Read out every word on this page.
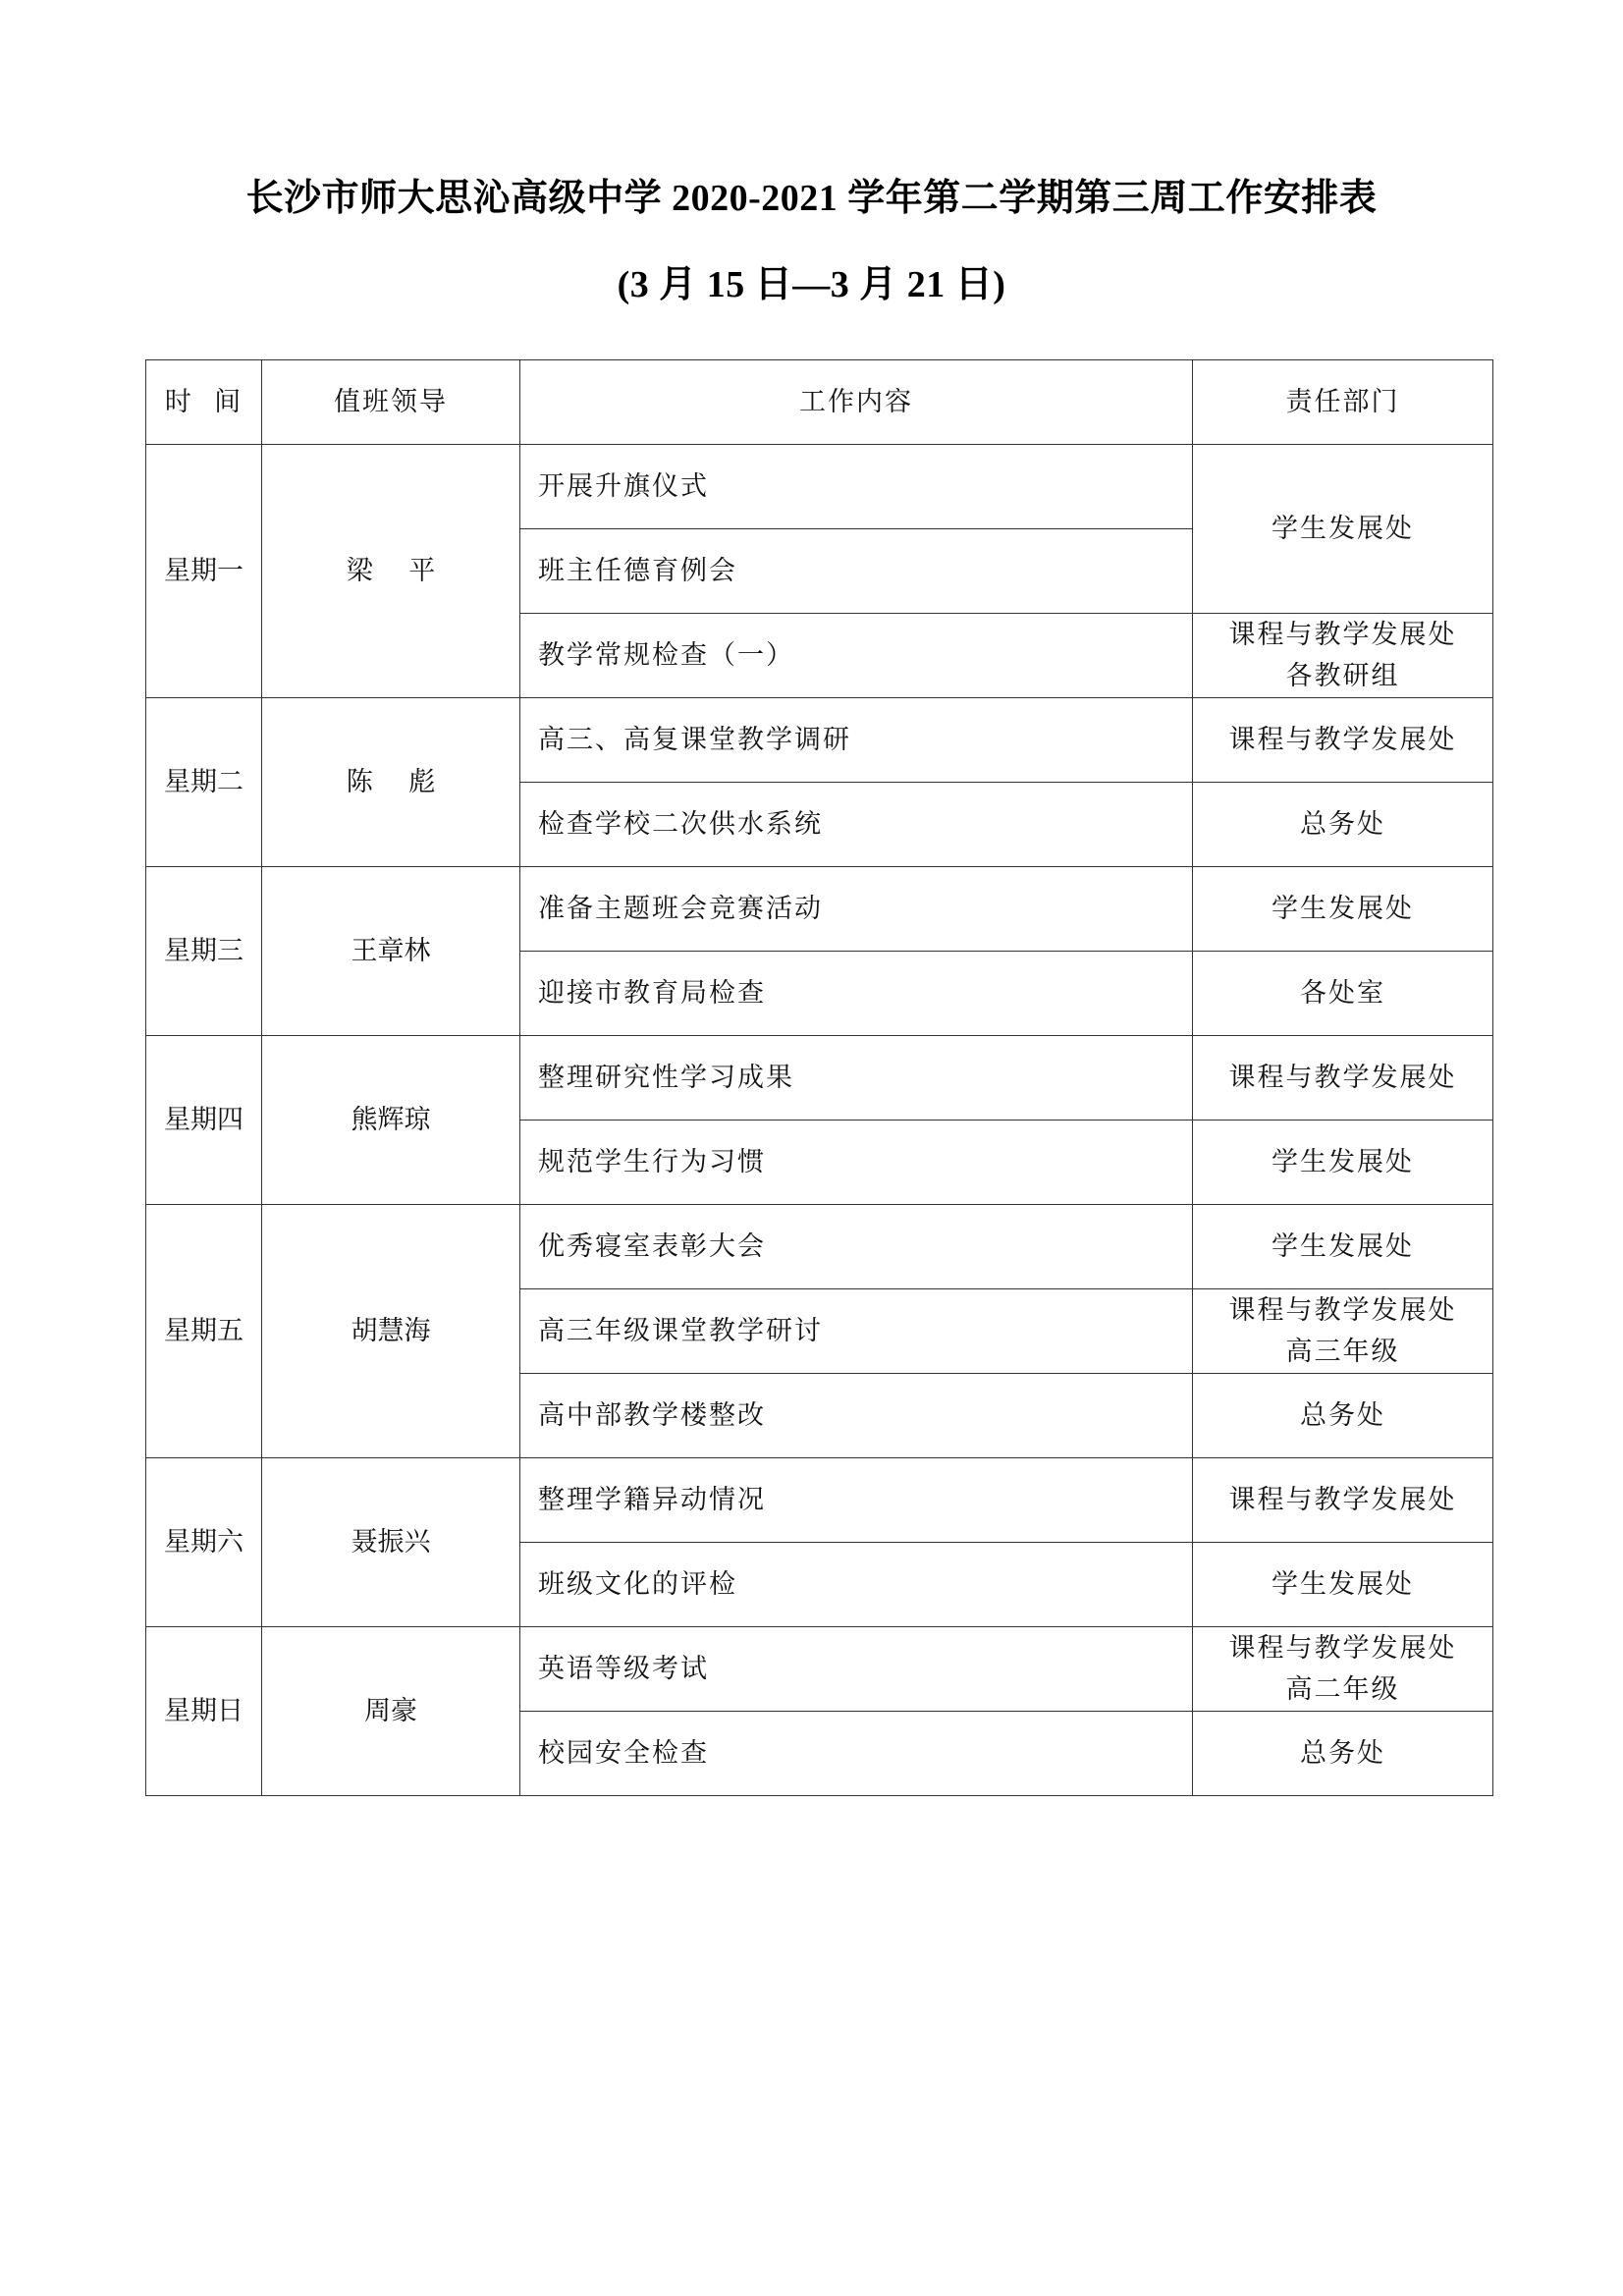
长沙市师大思沁高级中学 2020-2021 学年第二学期第三周工作安排表
(3 月 15 日—3 月 21 日)
时  间	值班领导	工作内容	责任部门
星期一	梁 平	开展升旗仪式	学生发展处

		班主任德育例会	
		教学常规检查（一）	课程与教学发展处
各教研组

星期二	陈 彪	高三、高复课堂教学调研	课程与教学发展处

		检查学校二次供水系统	总务处

星期三	王章林	准备主题班会竞赛活动	学生发展处

		迎接市教育局检查	各处室

星期四	熊辉琼	整理研究性学习成果	课程与教学发展处

		规范学生行为习惯	学生发展处

星期五	胡慧海	优秀寝室表彰大会	学生发展处

		高三年级课堂教学研讨	课程与教学发展处
高三年级

		高中部教学楼整改	总务处

星期六	聂振兴	整理学籍异动情况	课程与教学发展处

		班级文化的评检	学生发展处

星期日	周豪	英语等级考试	课程与教学发展处
高二年级

		校园安全检查	总务处
